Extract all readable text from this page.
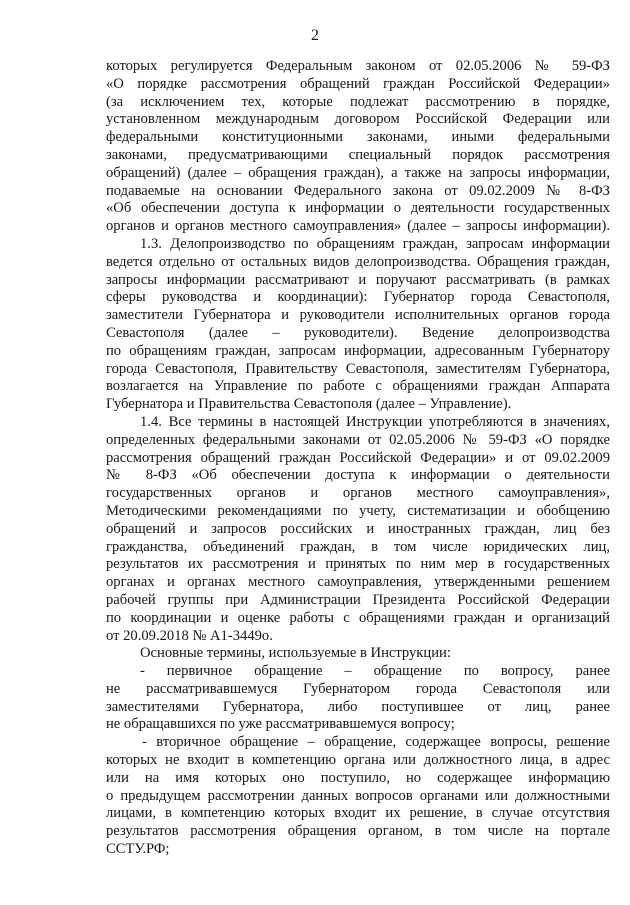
2
которых регулируется Федеральным законом от 02.05.2006 № 59-ФЗ
«О порядке рассмотрения обращений граждан Российской Федерации»
(за исключением тех, которые подлежат рассмотрению в порядке,
установленном международным договором Российской Федерации или
федеральными конституционными законами, иными федеральными
законами, предусматривающими специальный порядок рассмотрения
обращений) (далее – обращения граждан), а также на запросы информации,
подаваемые на основании Федерального закона от 09.02.2009 № 8-ФЗ
«Об обеспечении доступа к информации о деятельности государственных
органов и органов местного самоуправления» (далее – запросы информации).
1.3. Делопроизводство по обращениям граждан, запросам информации
ведется отдельно от остальных видов делопроизводства. Обращения граждан,
запросы информации рассматривают и поручают рассматривать (в рамках
сферы руководства и координации): Губернатор города Севастополя,
заместители Губернатора и руководители исполнительных органов города
Севастополя (далее – руководители). Ведение делопроизводства
по обращениям граждан, запросам информации, адресованным Губернатору
города Севастополя, Правительству Севастополя, заместителям Губернатора,
возлагается на Управление по работе с обращениями граждан Аппарата
Губернатора и Правительства Севастополя (далее – Управление).
1.4. Все термины в настоящей Инструкции употребляются в значениях,
определенных федеральными законами от 02.05.2006 № 59-ФЗ «О порядке
рассмотрения обращений граждан Российской Федерации» и от 09.02.2009
№ 8-ФЗ «Об обеспечении доступа к информации о деятельности
государственных органов и органов местного самоуправления»,
Методическими рекомендациями по учету, систематизации и обобщению
обращений и запросов российских и иностранных граждан, лиц без
гражданства, объединений граждан, в том числе юридических лиц,
результатов их рассмотрения и принятых по ним мер в государственных
органах и органах местного самоуправления, утвержденными решением
рабочей группы при Администрации Президента Российской Федерации
по координации и оценке работы с обращениями граждан и организаций
от 20.09.2018 № А1-3449о.
Основные термины, используемые в Инструкции:
- первичное обращение – обращение по вопросу, ранее
не рассматривавшемуся Губернатором города Севастополя или
заместителями Губернатора, либо поступившее от лиц, ранее
не обращавшихся по уже рассматривавшемуся вопросу;
- вторичное обращение – обращение, содержащее вопросы, решение
которых не входит в компетенцию органа или должностного лица, в адрес
или на имя которых оно поступило, но содержащее информацию
о предыдущем рассмотрении данных вопросов органами или должностными
лицами, в компетенцию которых входит их решение, в случае отсутствия
результатов рассмотрения обращения органом, в том числе на портале
ССТУ.РФ;
